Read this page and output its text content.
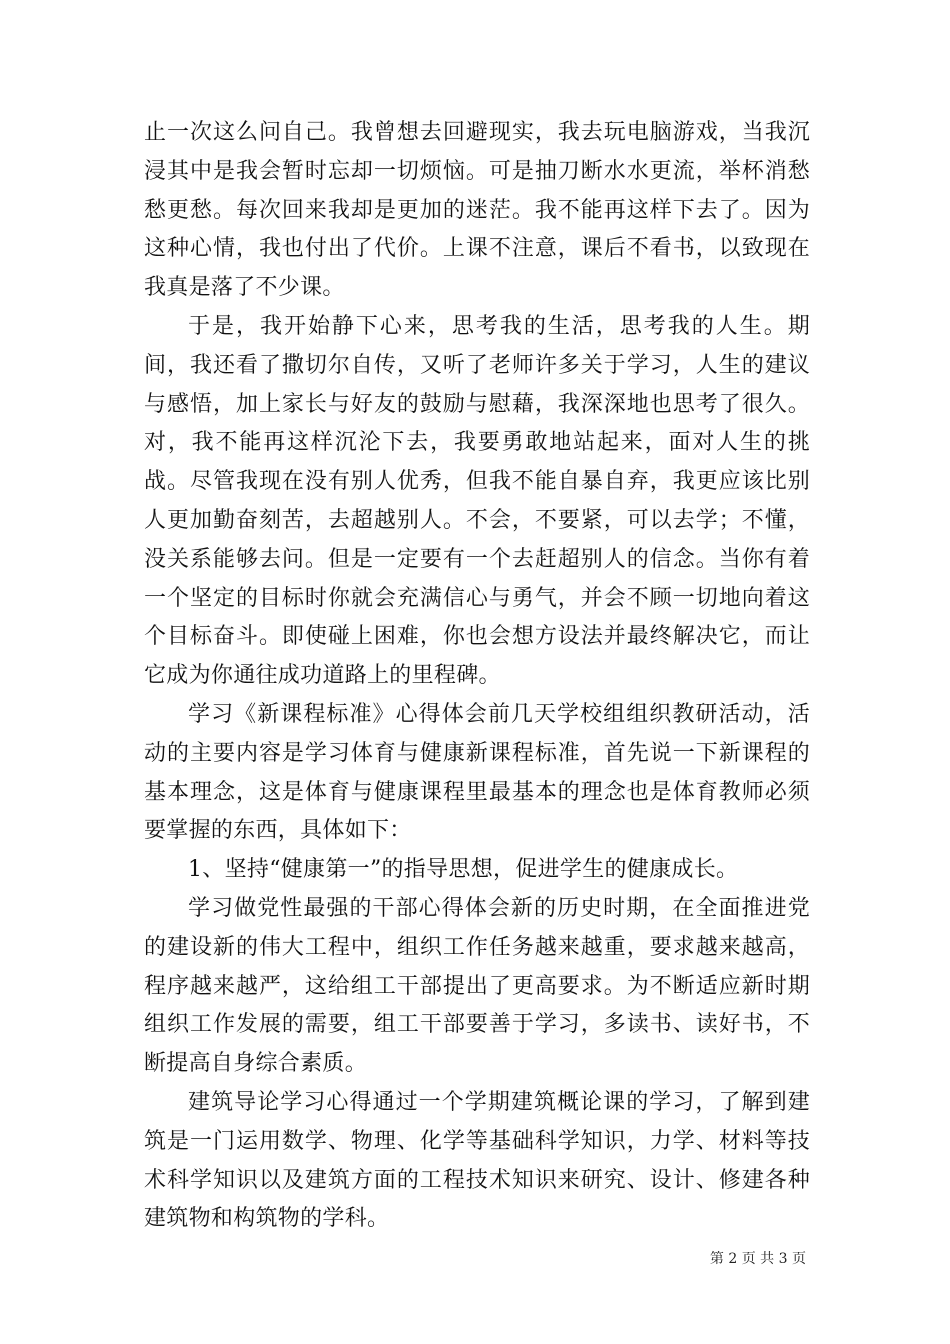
止一次这么问自己。我曾想去回避现实，我去玩电脑游戏，当我沉浸其中是我会暂时忘却一切烦恼。可是抽刀断水水更流，举杯消愁愁更愁。每次回来我却是更加的迷茫。我不能再这样下去了。因为这种心情，我也付出了代价。上课不注意，课后不看书，以致现在我真是落了不少课。

于是，我开始静下心来，思考我的生活，思考我的人生。期间，我还看了撒切尔自传，又听了老师许多关于学习，人生的建议与感悟，加上家长与好友的鼓励与慰藉，我深深地也思考了很久。对，我不能再这样沉沦下去，我要勇敢地站起来，面对人生的挑战。尽管我现在没有别人优秀，但我不能自暴自弃，我更应该比别人更加勤奋刻苦，去超越别人。不会，不要紧，可以去学；不懂，没关系能够去问。但是一定要有一个去赶超别人的信念。当你有着一个坚定的目标时你就会充满信心与勇气，并会不顾一切地向着这个目标奋斗。即使碰上困难，你也会想方设法并最终解决它，而让它成为你通往成功道路上的里程碑。

学习《新课程标准》心得体会前几天学校组组织教研活动，活动的主要内容是学习体育与健康新课程标准，首先说一下新课程的基本理念，这是体育与健康课程里最基本的理念也是体育教师必须要掌握的东西，具体如下：

1、坚持“健康第一”的指导思想，促进学生的健康成长。

学习做党性最强的干部心得体会新的历史时期，在全面推进党的建设新的伟大工程中，组织工作任务越来越重，要求越来越高，程序越来越严，这给组工干部提出了更高要求。为不断适应新时期组织工作发展的需要，组工干部要善于学习，多读书、读好书，不断提高自身综合素质。

建筑导论学习心得通过一个学期建筑概论课的学习，了解到建筑是一门运用数学、物理、化学等基础科学知识，力学、材料等技术科学知识以及建筑方面的工程技术知识来研究、设计、修建各种建筑物和构筑物的学科。

第 2 页 共 3 页
